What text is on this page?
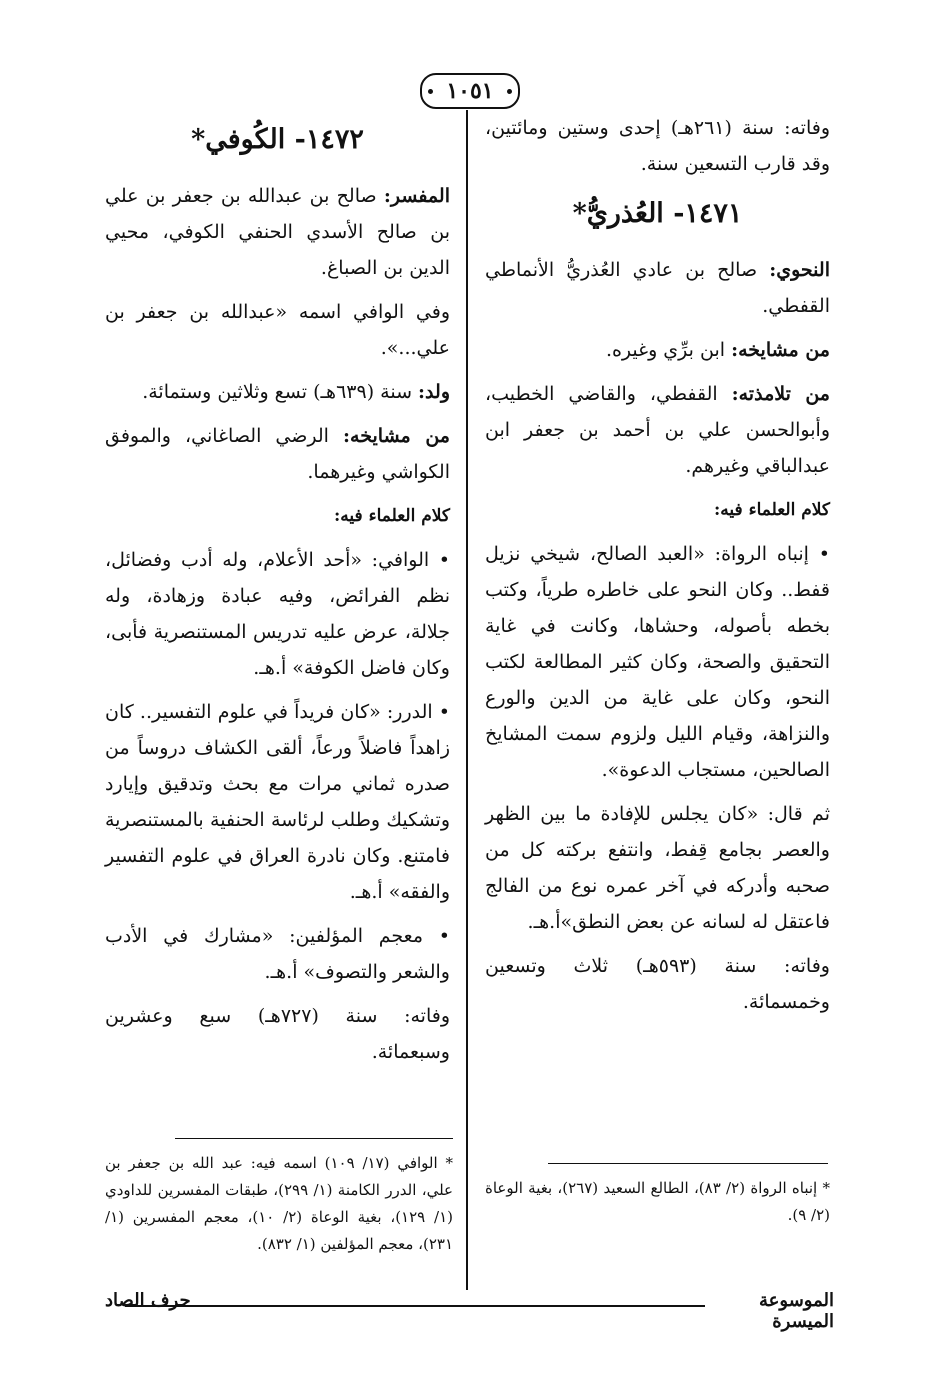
١٠٥١

وفاته: سنة (٢٦١هـ) إحدى وستين ومائتين، وقد قارب التسعين سنة.

١٤٧١- العُذريُّ*

النحوي: صالح بن عادي العُذريُّ الأنماطي القفطي.

من مشايخه: ابن برِّي وغيره.

من تلامذته: القفطي، والقاضي الخطيب، وأبوالحسن علي بن أحمد بن جعفر ابن عبدالباقي وغيرهم.

كلام العلماء فيه:

• إنباه الرواة: «العبد الصالح، شيخي نزيل قفط.. وكان النحو على خاطره طرياً، وكتب بخطه بأصوله، وحشاها، وكانت في غاية التحقيق والصحة، وكان كثير المطالعة لكتب النحو، وكان على غاية من الدين والورع والنزاهة، وقيام الليل ولزوم سمت المشايخ الصالحين، مستجاب الدعوة».

ثم قال: «كان يجلس للإفادة ما بين الظهر والعصر بجامع قِفط، وانتفع بركته كل من صحبه وأدركه في آخر عمره نوع من الفالج فاعتقل له لسانه عن بعض النطق»أ.هـ.

وفاته: سنة (٥٩٣هـ) ثلاث وتسعين وخمسمائة.

١٤٧٢- الكُوفي*

المفسر: صالح بن عبدالله بن جعفر بن علي بن صالح الأسدي الحنفي الكوفي، محيي الدين بن الصباغ.

وفي الوافي اسمه «عبدالله بن جعفر بن علي...».

ولد: سنة (٦٣٩هـ) تسع وثلاثين وستمائة.

من مشايخه: الرضي الصاغاني، والموفق الكواشي وغيرهما.

كلام العلماء فيه:

• الوافي: «أحد الأعلام، وله أدب وفضائل، نظم الفرائض، وفيه عبادة وزهادة، وله جلالة، عرض عليه تدريس المستنصرية فأبى، وكان فاضل الكوفة» أ.هـ.

• الدرر: «كان فريداً في علوم التفسير.. كان زاهداً فاضلاً ورعاً، ألقى الكشاف دروساً من صدره ثماني مرات مع بحث وتدقيق وإيارد وتشكيك وطلب لرئاسة الحنفية بالمستنصرية فامتنع. وكان نادرة العراق في علوم التفسير والفقه» أ.هـ.

• معجم المؤلفين: «مشارك في الأدب والشعر والتصوف» أ.هـ.

وفاته: سنة (٧٢٧هـ) سبع وعشرين وسبعمائة.

* الوافي (١٧/ ١٠٩) اسمه فيه: عبد الله بن جعفر بن علي، الدرر الكامنة (١/ ٢٩٩)، طبقات المفسرين للداودي (١/ ١٢٩)، بغية الوعاة (٢/ ١٠)، معجم المفسرين (١/ ٢٣١)، معجم المؤلفين (١/ ٨٣٢).
* إنباه الرواة (٢/ ٨٣)، الطالع السعيد (٢٦٧)، بغية الوعاة (٢/ ٩).
الموسوعة الميسرة
حرف الصاد
